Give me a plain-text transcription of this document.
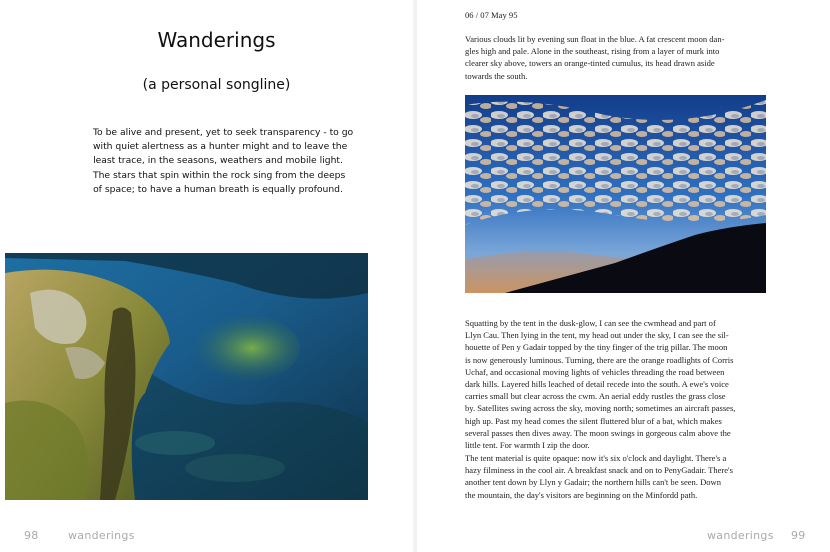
Wanderings
(a personal songline)
To be alive and present, yet to seek transparency - to go
with quiet alertness as a hunter might and to leave the
least trace, in the seasons, weathers and mobile light.
The stars that spin within the rock sing from the deeps
of space; to have a human breath is equally profound.
98	wanderings
06 / 07 May 95
Various clouds lit by evening sun float in the blue. A fat crescent moon dan-
gles high and pale. Alone in the southeast, rising from a layer of murk into
clearer sky above, towers an orange-tinted cumulus, its head drawn aside
towards the south.
Squatting by the tent in the dusk-glow, I can see the cwmhead and part of
Llyn Cau. Then lying in the tent, my head out under the sky, I can see the sil-
houette of Pen y Gadair topped by the tiny finger of the trig pillar. The moon
is now generously luminous. Turning, there are the orange roadlights of Corris
Uchaf, and occasional moving lights of vehicles threading the road between
dark hills. Layered hills leached of detail recede into the south. A ewe's voice
carries small but clear across the cwm. An aerial eddy rustles the grass close
by. Satellites swing across the sky, moving north; sometimes an aircraft passes,
high up. Past my head comes the silent fluttered blur of a bat, which makes
several passes then dives away. The moon swings in gorgeous calm above the
little tent. For warmth I zip the door.
The tent material is quite opaque: now it's six o'clock and daylight. There's a
hazy filminess in the cool air. A breakfast snack and on to PenyGadair. There's
another tent down by Llyn y Gadair; the northern hills can't be seen. Down
the mountain, the day's visitors are beginning on the Minfordd path.
wanderings 99
